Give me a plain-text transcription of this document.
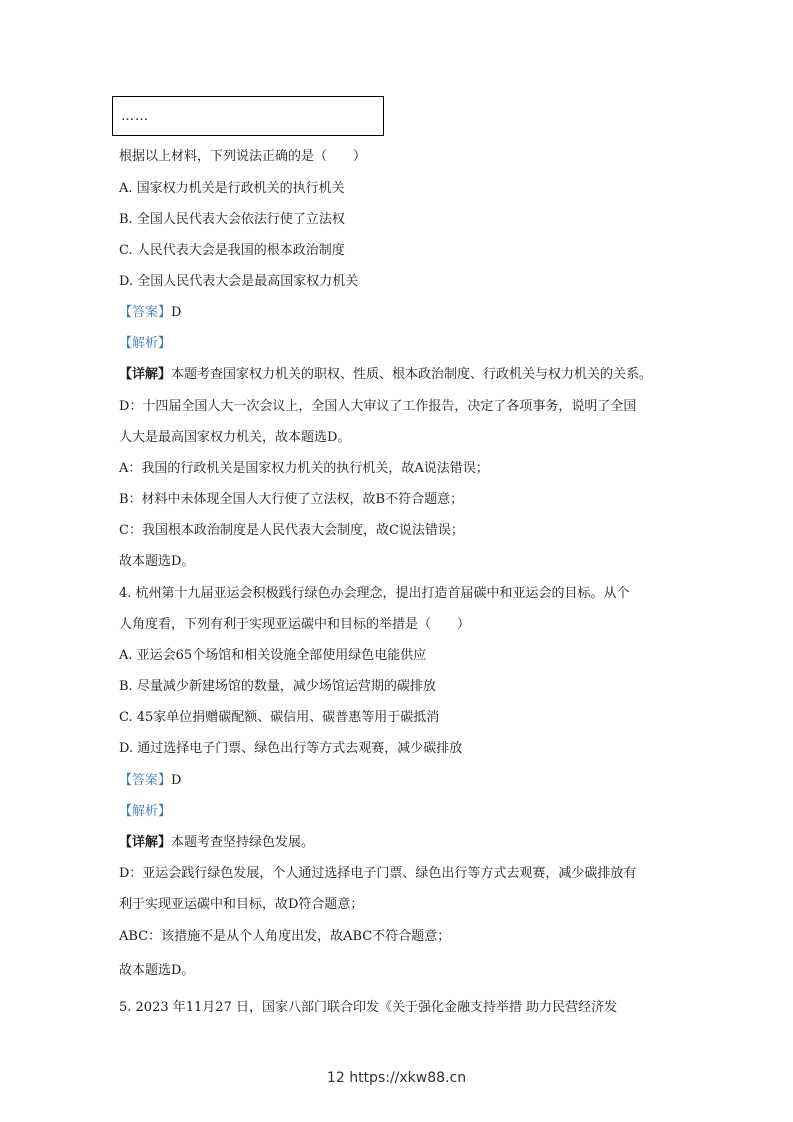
……
根据以上材料，下列说法正确的是（　　）
A. 国家权力机关是行政机关的执行机关
B. 全国人民代表大会依法行使了立法权
C. 人民代表大会是我国的根本政治制度
D. 全国人民代表大会是最高国家权力机关
【答案】D
【解析】
【详解】本题考查国家权力机关的职权、性质、根本政治制度、行政机关与权力机关的关系。
D：十四届全国人大一次会议上，全国人大审议了工作报告，决定了各项事务，说明了全国
人大是最高国家权力机关，故本题选D。
A：我国的行政机关是国家权力机关的执行机关，故A说法错误；
B：材料中未体现全国人大行使了立法权，故B不符合题意；
C：我国根本政治制度是人民代表大会制度，故C说法错误；
故本题选D。
4. 杭州第十九届亚运会积极践行绿色办会理念，提出打造首届碳中和亚运会的目标。从个
人角度看，下列有利于实现亚运碳中和目标的举措是（　　）
A. 亚运会65个场馆和相关设施全部使用绿色电能供应
B. 尽量减少新建场馆的数量，减少场馆运营期的碳排放
C. 45家单位捐赠碳配额、碳信用、碳普惠等用于碳抵消
D. 通过选择电子门票、绿色出行等方式去观赛，减少碳排放
【答案】D
【解析】
【详解】本题考查坚持绿色发展。
D：亚运会践行绿色发展，个人通过选择电子门票、绿色出行等方式去观赛，减少碳排放有
利于实现亚运碳中和目标，故D符合题意；
ABC：该措施不是从个人角度出发，故ABC不符合题意；
故本题选D。
5. 2023 年11月27 日，国家八部门联合印发《关于强化金融支持举措 助力民营经济发
12 https://xkw88.cn
